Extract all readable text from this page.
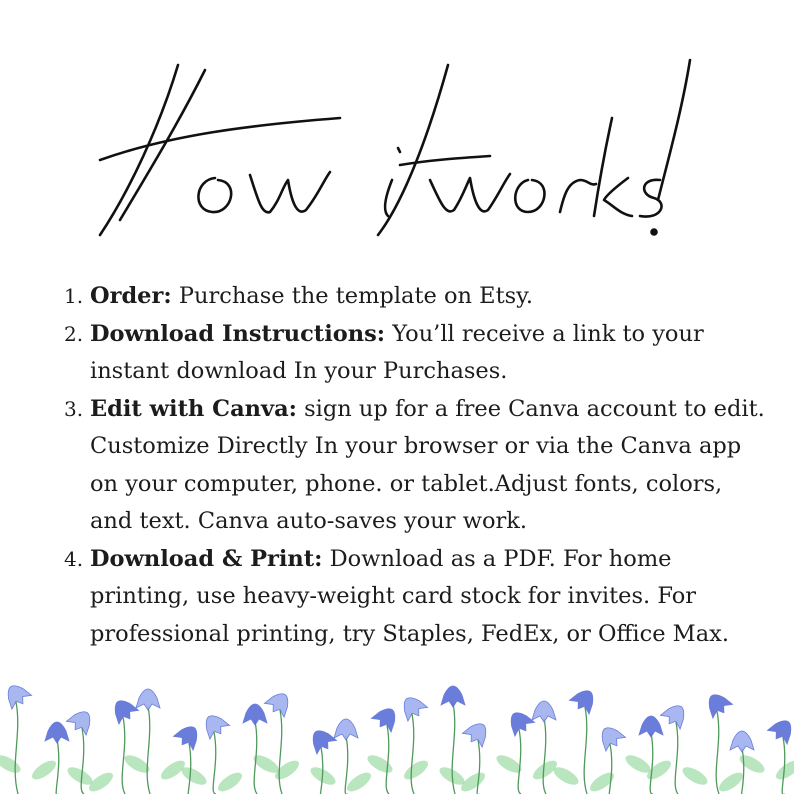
1. Order: Purchase the template on Etsy.
2. Download Instructions: You’ll receive a link to your
instant download In your Purchases.
3. Edit with Canva: sign up for a free Canva account to edit.
Customize Directly In your browser or via the Canva app
on your computer, phone. or tablet.Adjust fonts, colors,
and text. Canva auto-saves your work.
4. Download & Print: Download as a PDF. For home
printing, use heavy-weight card stock for invites. For
professional printing, try Staples, FedEx, or Office Max.
